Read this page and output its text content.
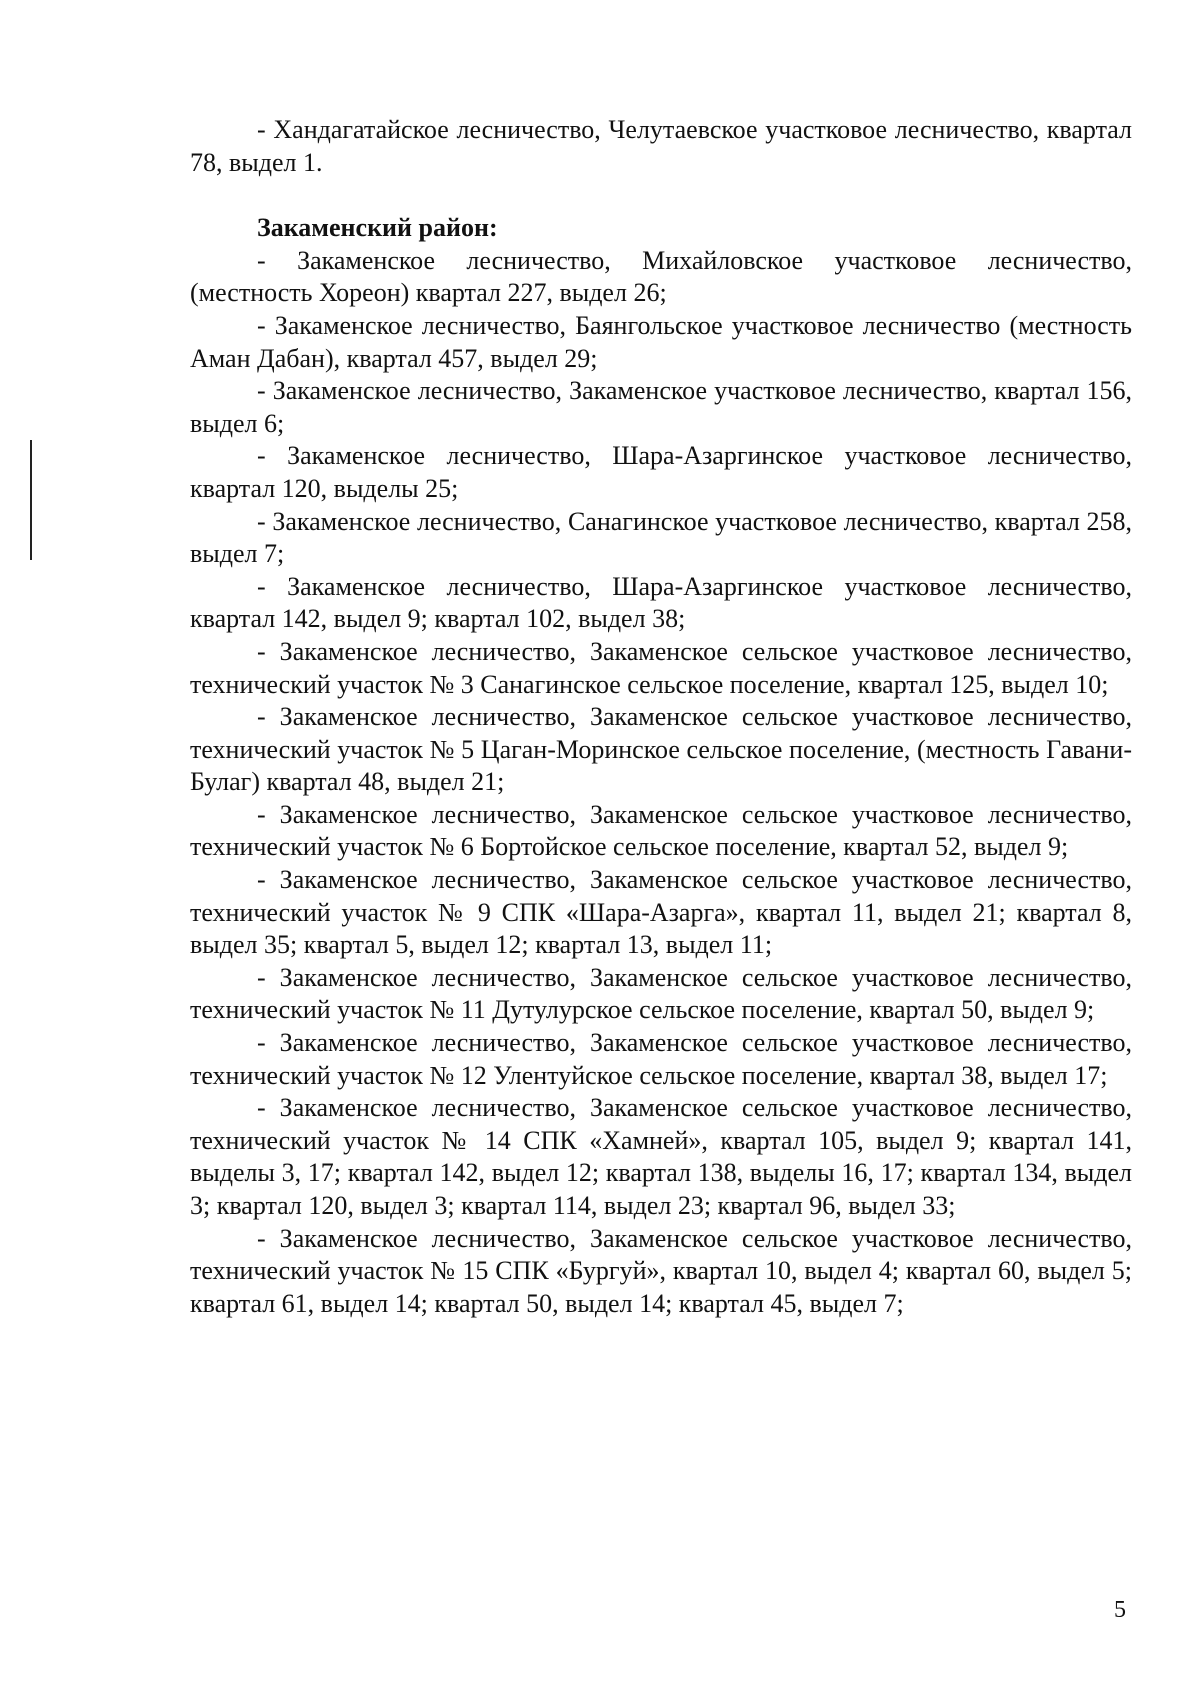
- Хандагатайское лесничество, Челутаевское участковое лесничество, квартал 78, выдел 1.

Закаменский район:

- Закаменское лесничество, Михайловское участковое лесничество, (местность Хореон) квартал 227, выдел 26;

- Закаменское лесничество, Баянгольское участковое лесничество (местность Аман Дабан), квартал 457, выдел 29;

- Закаменское лесничество, Закаменское участковое лесничество, квартал 156, выдел 6;

- Закаменское лесничество, Шара-Азаргинское участковое лесничество, квартал 120, выделы 25;

- Закаменское лесничество, Санагинское участковое лесничество, квартал 258, выдел 7;

- Закаменское лесничество, Шара-Азаргинское участковое лесничество, квартал 142, выдел 9; квартал 102, выдел 38;

- Закаменское лесничество, Закаменское сельское участковое лесничество, технический участок № 3 Санагинское сельское поселение, квартал 125, выдел 10;

- Закаменское лесничество, Закаменское сельское участковое лесничество, технический участок № 5 Цаган-Моринское сельское поселение, (местность Гавани-Булаг) квартал 48, выдел 21;

- Закаменское лесничество, Закаменское сельское участковое лесничество, технический участок № 6 Бортойское сельское поселение, квартал 52, выдел 9;

- Закаменское лесничество, Закаменское сельское участковое лесничество, технический участок № 9 СПК «Шара-Азарга», квартал 11, выдел 21; квартал 8, выдел 35; квартал 5, выдел 12; квартал 13, выдел 11;

- Закаменское лесничество, Закаменское сельское участковое лесничество, технический участок № 11 Дутулурское сельское поселение, квартал 50, выдел 9;

- Закаменское лесничество, Закаменское сельское участковое лесничество, технический участок № 12 Улентуйское сельское поселение, квартал 38, выдел 17;

- Закаменское лесничество, Закаменское сельское участковое лесничество, технический участок № 14 СПК «Хамней», квартал 105, выдел 9; квартал 141, выделы 3, 17; квартал 142, выдел 12; квартал 138, выделы 16, 17; квартал 134, выдел 3; квартал 120, выдел 3; квартал 114, выдел 23; квартал 96, выдел 33;

- Закаменское лесничество, Закаменское сельское участковое лесничество, технический участок № 15 СПК «Бургуй», квартал 10, выдел 4; квартал 60, выдел 5; квартал 61, выдел 14; квартал 50, выдел 14; квартал 45, выдел 7;

5
